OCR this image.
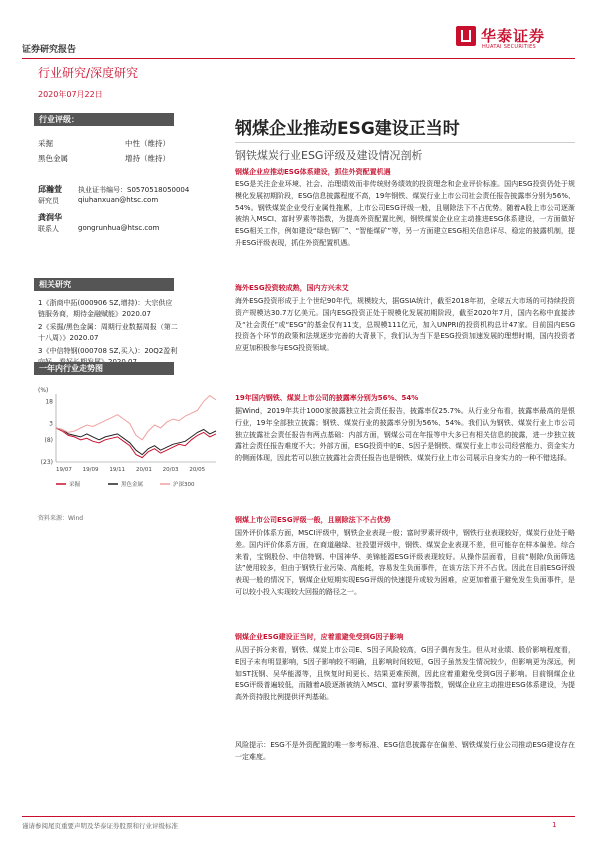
证券研究报告
华泰证券
HUATAI SECURITIES
行业研究/深度研究
2020年07月22日
行业评级：
采掘	中性（维持）
黑色金属	增持（维持）
邱瀚萱	执业证书编号：S0570518050004
研究员	qiuhanxuan@htsc.com
龚润华
联系人	gongrunhua@htsc.com
相关研究

1《浙商中拓(000906 SZ,增持)：大宗供应链服务商，期待金融赋能》2020.07

2《采掘/黑色金属：周期行业数据周报（第二十八周）》2020.07

3《中信特钢(000708 SZ,买入)：20Q2盈利

一年内行业走势图
(%)
18
3
(8)
(23)
19/07 19/09 19/11 20/01 20/03 20/05
采掘	黑色金属	沪深300
资料来源：Wind
钢煤企业推动ESG建设正当时
钢铁煤炭行业ESG评级及建设情况剖析
钢煤企业应推动ESG体系建设，抓住外资配置机遇

ESG是关注企业环境、社会、治理绩效而非传统财务绩效的投资理念和企业评价标准。国内ESG投资仍处于规模化发展初期阶段，ESG信息披露程度不高，19年钢铁、煤炭行业上市公司社会责任报告披露率分别为56%、54%。钢铁煤炭企业受行业属性拖累，上市公司ESG评级一般，且剔除法下不占优势。随着A股上市公司逐渐被纳入MSCI、富时罗素等指数，为提高外资配置比例，钢铁煤炭企业应主动推进ESG体系建设，一方面做好ESG相关工作，例如建设“绿色钢厂”、“智能煤矿”等，另一方面建立ESG相关信息详尽、稳定的披露机制，提升ESG评级表现，抓住外资配置机遇。

海外ESG投资较成熟，国内方兴未艾

海外ESG投资形成于上个世纪90年代，规模较大，据GSIA统计，截至2018年初，全球五大市场的可持续投资资产规模达30.7万亿美元。国内ESG投资正处于规模化发展初期阶段，截至2020年7月，国内名称中直接涉及“社会责任”或“ESG”的基金仅有11支，总规模111亿元，加入UNPRI的投资机构总计47家。目前国内ESG投资各个环节的政策和法规逐步完善的大背景下，我们认为当下是ESG投资加速发展的理想时期，国内投资者应更加积极参与ESG投资领域。

19年国内钢铁、煤炭上市公司的披露率分别为56%、54%

据Wind，2019年共计1000家披露独立社会责任报告，披露率仅25.7%。从行业分布看，披露率最高的是银行业，19年全部独立披露；钢铁、煤炭行业的披露率分别为56%、54%。我们认为钢铁、煤炭行业上市公司独立披露社会责任报告有两点基础：内部方面，钢煤公司在年报等中大多已有相关信息的披露，进一步独立披露社会责任报告难度不大；外部方面，ESG投资中的E、S因子是钢铁、煤炭行业上市公司经营能力、资金实力的侧面体现，因此若可以独立披露社会责任报告也是钢铁、煤炭行业上市公司展示自身实力的一种不错选择。

钢煤上市公司ESG评级一般，且剔除法下不占优势

国外评价体系方面，MSCI评级中，钢铁企业表现一般；富时罗素评级中，钢铁行业表现较好，煤炭行业处于略差。国内评价体系方面，在商道融绿、社投盟评级中，钢铁、煤炭企业表现不差，但可能存在样本偏差。综合来看，宝钢股份、中信特钢、中国神华、美锦能源ESG评级表现较好。从操作层面看，目前“剔除/负面筛选法”使用较多，但由于钢铁行业污染、高能耗，容易发生负面事件，在该方法下并不占优。因此在目前ESG评级表现一般的情况下，钢煤企业短期实现ESG评级的快速提升或较为困难，应更加着重于避免发生负面事件，是可以较小投入实现较大回报的路径之一。

钢煤企业ESG建设正当时，应着重避免受到G因子影响

从因子拆分来看，钢铁、煤炭上市公司E、S因子风险较高，G因子偶有发生。但从对业绩、股价影响程度看，E因子未有明显影响，S因子影响较不明确，且影响时间较短，G因子虽然发生情况较少，但影响更为深远，例如ST抚钢、吴华能源等，且恢复时间更长、结果更难预测，因此应着重避免受到G因子影响。目前钢煤企业ESG评级普遍较低，而随着A股逐渐被纳入MSCI、富时罗素等指数，钢煤企业应主动推进ESG体系建设，为提高外资持股比例提供评判基础。

风险提示：ESG不是外资配置的唯一参考标准、ESG信息披露存在偏差、钢铁煤炭行业公司推动ESG建设存在一定难度。

谨请参阅尾页重要声明及华泰证券股票和行业评级标准	1
